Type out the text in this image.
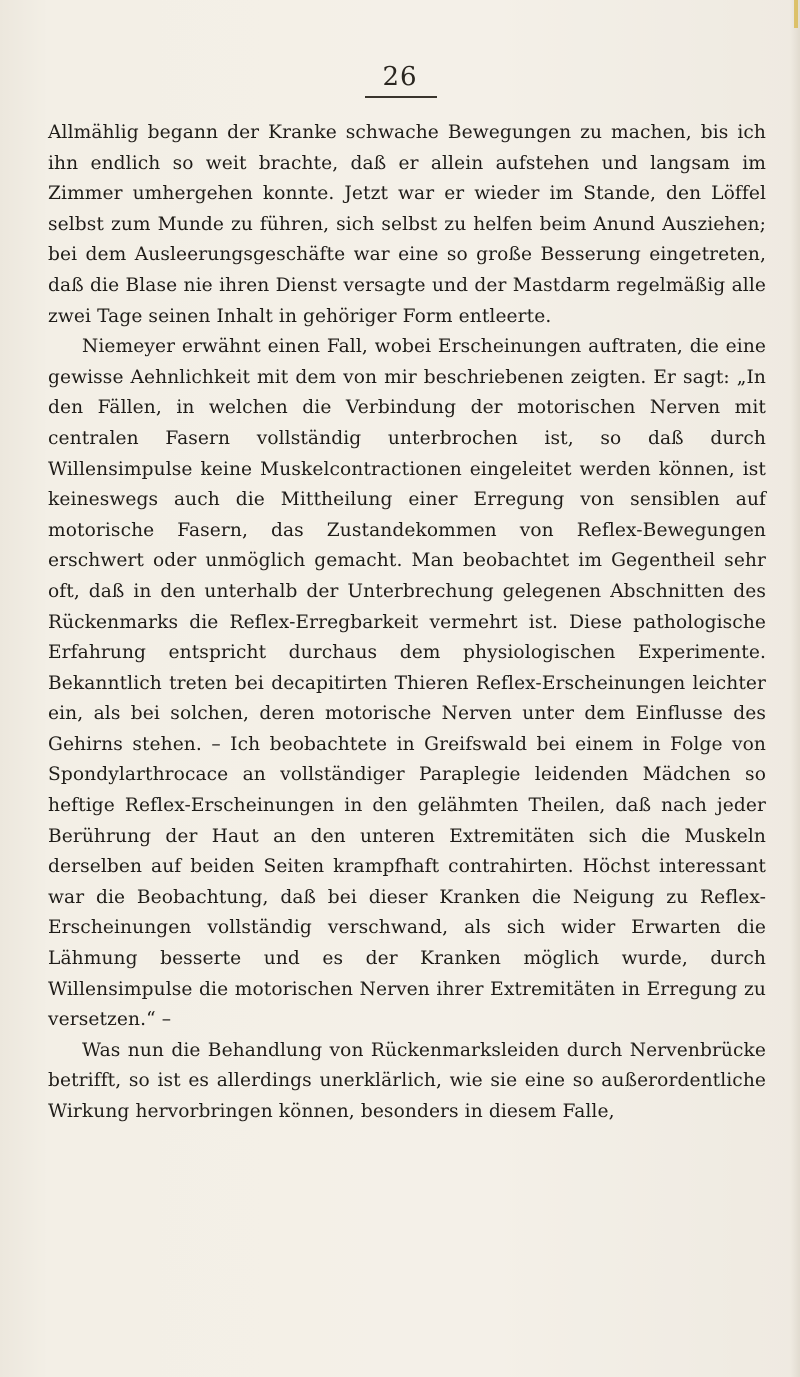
26

Allmählig begann der Kranke schwache Bewegungen zu machen, bis ich ihn endlich so weit brachte, daß er allein aufstehen und langsam im Zimmer umhergehen konnte. Jetzt war er wieder im Stande, den Löffel selbst zum Munde zu führen, sich selbst zu helfen beim Anund Ausziehen; bei dem Ausleerungsgeschäfte war eine so große Besserung eingetreten, daß die Blase nie ihren Dienst versagte und der Mastdarm regelmäßig alle zwei Tage seinen Inhalt in gehöriger Form entleerte.

Niemeyer erwähnt einen Fall, wobei Erscheinungen auftraten, die eine gewisse Aehnlichkeit mit dem von mir beschriebenen zeigten. Er sagt: „In den Fällen, in welchen die Verbindung der motorischen Nerven mit centralen Fasern vollständig unterbrochen ist, so daß durch Willensimpulse keine Muskelcontractionen eingeleitet werden können, ist keineswegs auch die Mittheilung einer Erregung von sensiblen auf motorische Fasern, das Zustandekommen von Reflex-Bewegungen erschwert oder unmöglich gemacht. Man beobachtet im Gegentheil sehr oft, daß in den unterhalb der Unterbrechung gelegenen Abschnitten des Rückenmarks die Reflex-Erregbarkeit vermehrt ist. Diese pathologische Erfahrung entspricht durchaus dem physiologischen Experimente. Bekanntlich treten bei decapitirten Thieren Reflex-Erscheinungen leichter ein, als bei solchen, deren motorische Nerven unter dem Einflusse des Gehirns stehen. – Ich beobachtete in Greifswald bei einem in Folge von Spondylarthrocace an vollständiger Paraplegie leidenden Mädchen so heftige Reflex-Erscheinungen in den gelähmten Theilen, daß nach jeder Berührung der Haut an den unteren Extremitäten sich die Muskeln derselben auf beiden Seiten krampfhaft contrahirten. Höchst interessant war die Beobachtung, daß bei dieser Kranken die Neigung zu Reflex-Erscheinungen vollständig verschwand, als sich wider Erwarten die Lähmung besserte und es der Kranken möglich wurde, durch Willensimpulse die motorischen Nerven ihrer Extremitäten in Erregung zu versetzen.“ –

Was nun die Behandlung von Rückenmarksleiden durch Nervenbrücke betrifft, so ist es allerdings unerklärlich, wie sie eine so außerordentliche Wirkung hervorbringen können, besonders in diesem Falle,
